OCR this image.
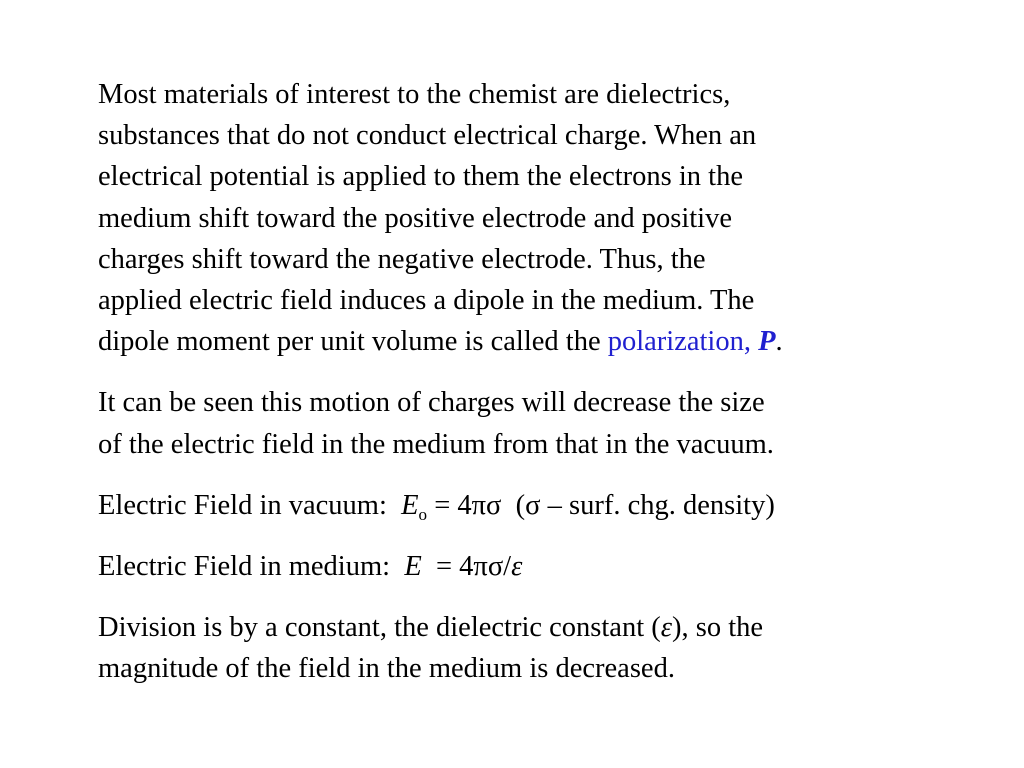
Most materials of interest to the chemist are dielectrics,
substances that do not conduct electrical charge. When an
electrical potential is applied to them the electrons in the
medium shift toward the positive electrode and positive
charges shift toward the negative electrode. Thus, the
applied electric field induces a dipole in the medium. The
dipole moment per unit volume is called the polarization, P.

It can be seen this motion of charges will decrease the size
of the electric field in the medium from that in the vacuum.

Electric Field in vacuum:  $E_o = 4\pi\sigma$  (σ – surf. chg. density)

Electric Field in medium:  E  = 4πσ/ε

Division is by a constant, the dielectric constant (ε), so the
magnitude of the field in the medium is decreased.
